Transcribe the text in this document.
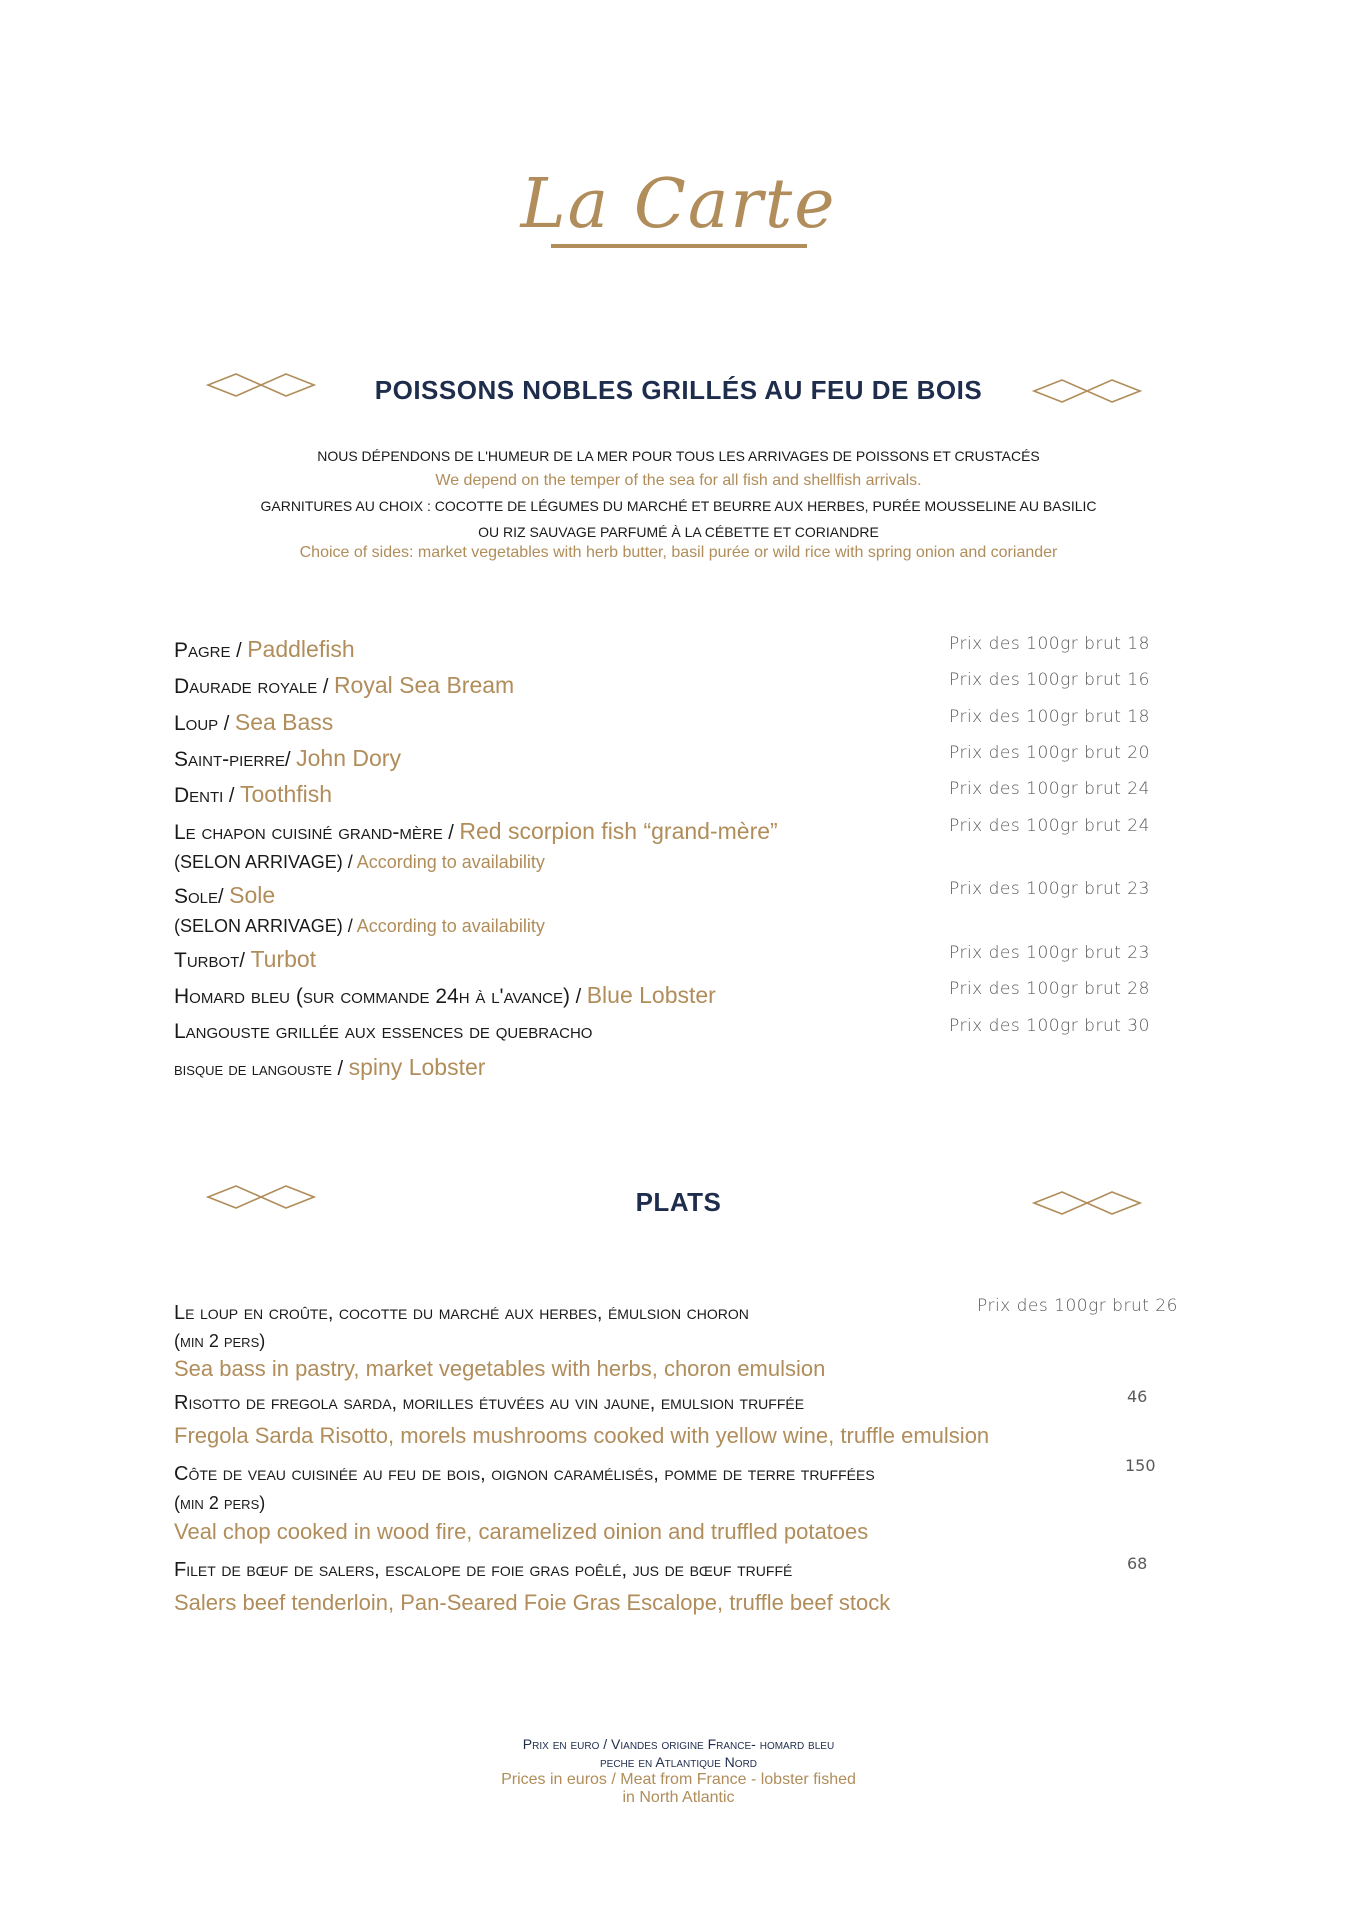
La Carte
POISSONS NOBLES GRILLÉS AU FEU DE BOIS
NOUS DÉPENDONS DE L'HUMEUR DE LA MER POUR TOUS LES ARRIVAGES DE POISSONS ET CRUSTACÉS
We depend on the temper of the sea for all fish and shellfish arrivals.
GARNITURES AU CHOIX : COCOTTE DE LÉGUMES DU MARCHÉ ET BEURRE AUX HERBES, PURÉE MOUSSELINE AU BASILIC
OU RIZ SAUVAGE PARFUMÉ À LA CÉBETTE ET CORIANDRE
Choice of sides: market vegetables with herb butter, basil purée or wild rice with spring onion and coriander
Pagre / Paddlefish	Prix des 100gr brut 18
Daurade royale / Royal Sea Bream	Prix des 100gr brut 16
Loup / Sea Bass	Prix des 100gr brut 18
Saint-pierre/ John Dory	Prix des 100gr brut 20
Denti / Toothfish	Prix des 100gr brut 24
Le chapon cuisiné grand-mère / Red scorpion fish “grand-mère”	Prix des 100gr brut 24
(SELON ARRIVAGE) / According to availability
Sole/ Sole	Prix des 100gr brut 23
(SELON ARRIVAGE) / According to availability
Turbot/ Turbot	Prix des 100gr brut 23
Homard bleu (sur commande 24h à l'avance) / Blue Lobster	Prix des 100gr brut 28
Langouste grillée aux essences de quebracho	Prix des 100gr brut 30
bisque de langouste / spiny Lobster
PLATS
Le loup en croûte, cocotte du marché aux herbes, émulsion choron	Prix des 100gr brut 26
(min 2 pers)
Sea bass in pastry, market vegetables with herbs, choron emulsion
Risotto de fregola sarda, morilles étuvées au vin jaune, emulsion truffée	46
Fregola Sarda Risotto, morels mushrooms cooked with yellow wine, truffle emulsion
Côte de veau cuisinée au feu de bois, oignon caramélisés, pomme de terre truffées	150
(min 2 pers)
Veal chop cooked in wood fire, caramelized oinion and truffled potatoes
Filet de bœuf de salers, escalope de foie gras poêlé, jus de bœuf truffé	68
Salers beef tenderloin, Pan-Seared Foie Gras Escalope, truffle beef stock
Prix en euro / Viandes origine France- homard bleu
peche en Atlantique Nord
Prices in euros / Meat from France - lobster fished
in North Atlantic
